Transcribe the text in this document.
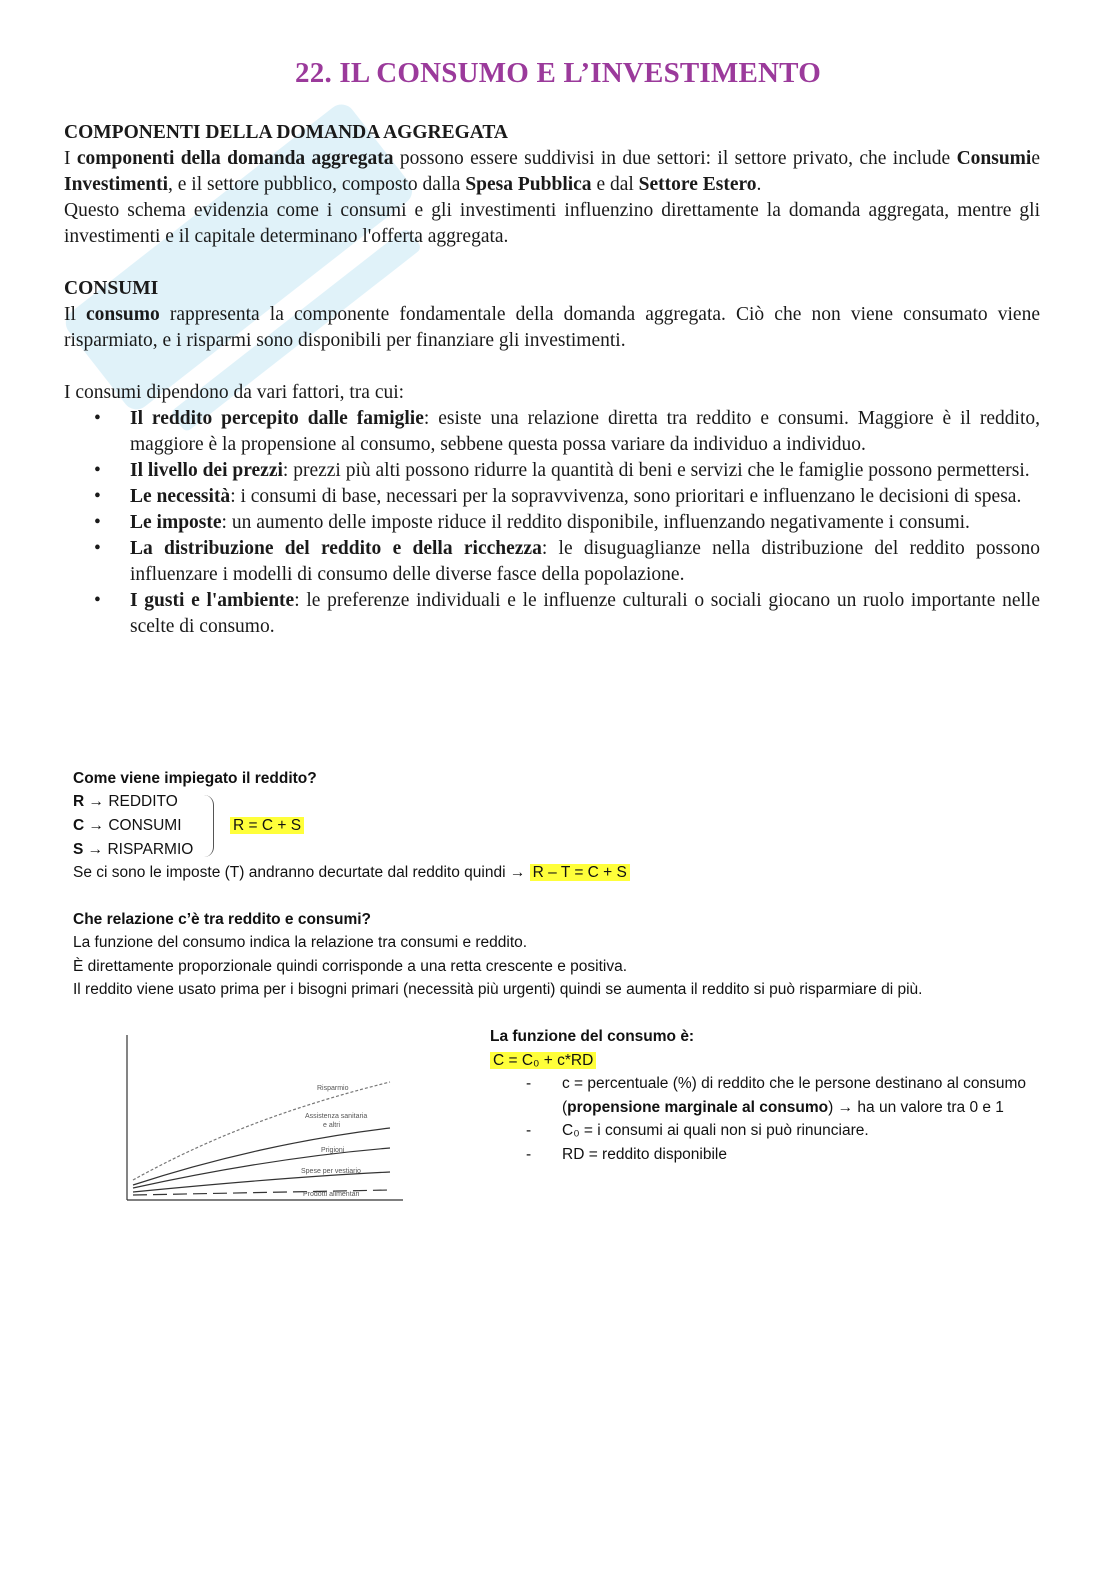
22. IL CONSUMO E L’INVESTIMENTO

COMPONENTI DELLA DOMANDA AGGREGATA

I componenti della domanda aggregata possono essere suddivisi in due settori: il settore privato, che include Consumie Investimenti, e il settore pubblico, composto dalla Spesa Pubblica e dal Settore Estero.

Questo schema evidenzia come i consumi e gli investimenti influenzino direttamente la domanda aggregata, mentre gli investimenti e il capitale determinano l'offerta aggregata.

CONSUMI

Il consumo rappresenta la componente fondamentale della domanda aggregata. Ciò che non viene consumato viene risparmiato, e i risparmi sono disponibili per finanziare gli investimenti.

I consumi dipendono da vari fattori, tra cui:

• Il reddito percepito dalle famiglie: esiste una relazione diretta tra reddito e consumi. Maggiore è il reddito, maggiore è la propensione al consumo, sebbene questa possa variare da individuo a individuo.
• Il livello dei prezzi: prezzi più alti possono ridurre la quantità di beni e servizi che le famiglie possono permettersi.
• Le necessità: i consumi di base, necessari per la sopravvivenza, sono prioritari e influenzano le decisioni di spesa.
• Le imposte: un aumento delle imposte riduce il reddito disponibile, influenzando negativamente i consumi.
• La distribuzione del reddito e della ricchezza: le disuguaglianze nella distribuzione del reddito possono influenzare i modelli di consumo delle diverse fasce della popolazione.
• I gusti e l'ambiente: le preferenze individuali e le influenze culturali o sociali giocano un ruolo importante nelle scelte di consumo.
Come viene impiegato il reddito?
R → REDDITO
C → CONSUMI
S → RISPARMIO
R = C + S
Se ci sono le imposte (T) andranno decurtate dal reddito quindi → R – T = C + S
Che relazione c’è tra reddito e consumi?
La funzione del consumo indica la relazione tra consumi e reddito.
È direttamente proporzionale quindi corrisponde a una retta crescente e positiva.
Il reddito viene usato prima per i bisogni primari (necessità più urgenti) quindi se aumenta il reddito si può risparmiare di più.
Risparmio
Assistenza sanitaria
e altri
Prigioni
Spese per vestiario
Prodotti alimentari
La funzione del consumo è:
C = C₀ + c*RD
- c = percentuale (%) di reddito che le persone destinano al consumo (propensione marginale al consumo) → ha un valore tra 0 e 1
- C₀ = i consumi ai quali non si può rinunciare.
- RD = reddito disponibile
